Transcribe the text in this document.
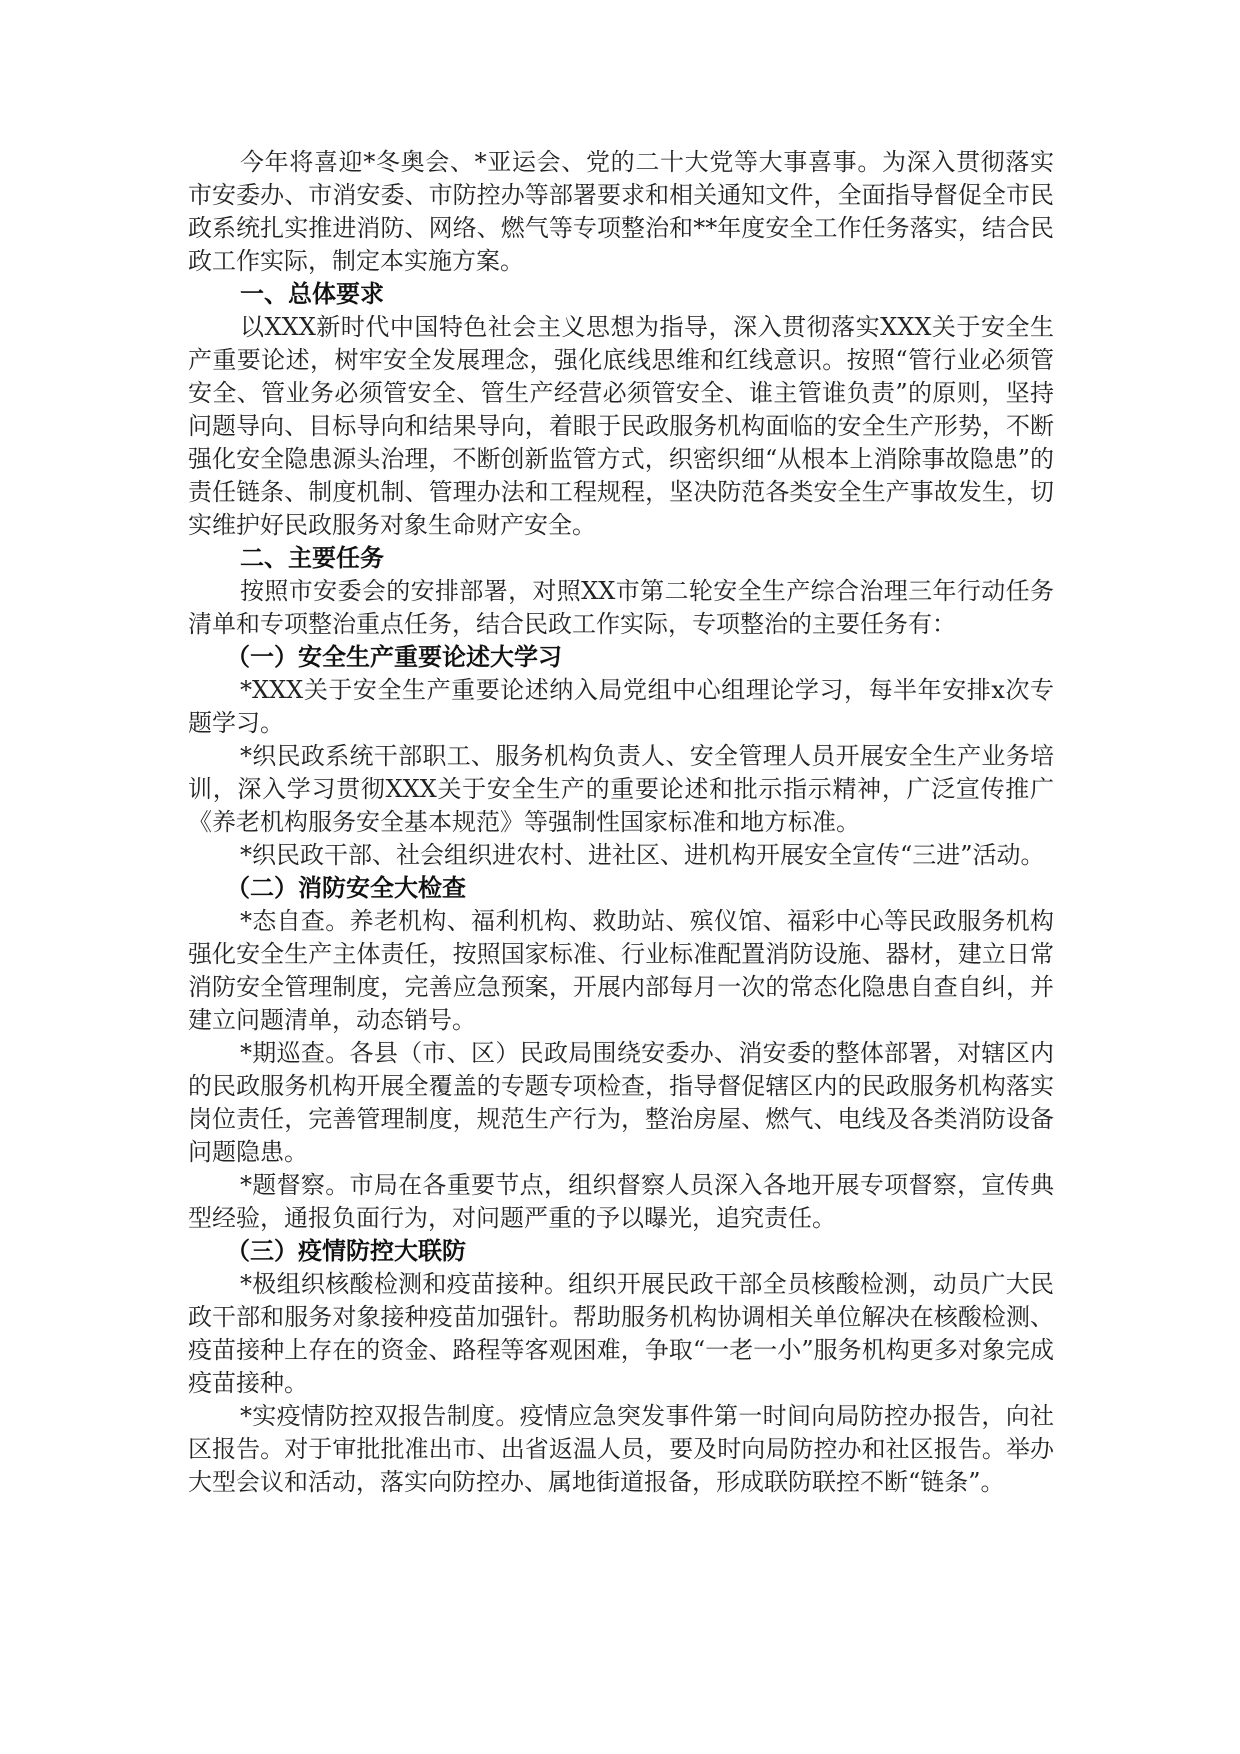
今年将喜迎*冬奥会、*亚运会、党的二十大党等大事喜事。为深入贯彻落实市安委办、市消安委、市防控办等部署要求和相关通知文件，全面指导督促全市民政系统扎实推进消防、网络、燃气等专项整治和**年度安全工作任务落实，结合民政工作实际，制定本实施方案。

一、总体要求

以XXX新时代中国特色社会主义思想为指导，深入贯彻落实XXX关于安全生产重要论述，树牢安全发展理念，强化底线思维和红线意识。按照“管行业必须管安全、管业务必须管安全、管生产经营必须管安全、谁主管谁负责”的原则，坚持问题导向、目标导向和结果导向，着眼于民政服务机构面临的安全生产形势，不断强化安全隐患源头治理，不断创新监管方式，织密织细“从根本上消除事故隐患”的责任链条、制度机制、管理办法和工程规程，坚决防范各类安全生产事故发生，切实维护好民政服务对象生命财产安全。

二、主要任务

按照市安委会的安排部署，对照XX市第二轮安全生产综合治理三年行动任务清单和专项整治重点任务，结合民政工作实际，专项整治的主要任务有：

（一）安全生产重要论述大学习

*XXX关于安全生产重要论述纳入局党组中心组理论学习，每半年安排x次专题学习。

*织民政系统干部职工、服务机构负责人、安全管理人员开展安全生产业务培训，深入学习贯彻XXX关于安全生产的重要论述和批示指示精神，广泛宣传推广《养老机构服务安全基本规范》等强制性国家标准和地方标准。

*织民政干部、社会组织进农村、进社区、进机构开展安全宣传“三进”活动。

（二）消防安全大检查

*态自查。养老机构、福利机构、救助站、殡仪馆、福彩中心等民政服务机构强化安全生产主体责任，按照国家标准、行业标准配置消防设施、器材，建立日常消防安全管理制度，完善应急预案，开展内部每月一次的常态化隐患自查自纠，并建立问题清单，动态销号。

*期巡查。各县（市、区）民政局围绕安委办、消安委的整体部署，对辖区内的民政服务机构开展全覆盖的专题专项检查，指导督促辖区内的民政服务机构落实岗位责任，完善管理制度，规范生产行为，整治房屋、燃气、电线及各类消防设备问题隐患。

*题督察。市局在各重要节点，组织督察人员深入各地开展专项督察，宣传典型经验，通报负面行为，对问题严重的予以曝光，追究责任。

（三）疫情防控大联防

*极组织核酸检测和疫苗接种。组织开展民政干部全员核酸检测，动员广大民政干部和服务对象接种疫苗加强针。帮助服务机构协调相关单位解决在核酸检测、疫苗接种上存在的资金、路程等客观困难，争取“一老一小”服务机构更多对象完成疫苗接种。

*实疫情防控双报告制度。疫情应急突发事件第一时间向局防控办报告，向社区报告。对于审批批准出市、出省返温人员，要及时向局防控办和社区报告。举办大型会议和活动，落实向防控办、属地街道报备，形成联防联控不断“链条”。
